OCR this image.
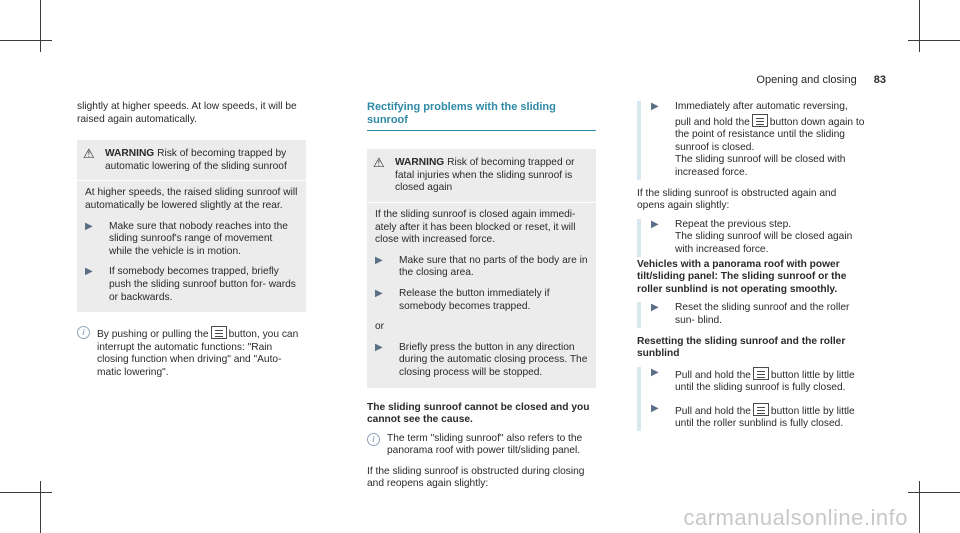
Opening and closing 83

slightly at higher speeds. At low speeds, it will be raised again automatically.

⚠	WARNING Risk of becoming trapped by automatic lowering of the sliding sunroof

At higher speeds, the raised sliding sunroof will automatically be lowered slightly at the rear.

▶	Make sure that nobody reaches into the sliding sunroof's range of movement while the vehicle is in motion.
▶	If somebody becomes trapped, briefly push the sliding sunroof button for- wards or backwards.
i	By pushing or pulling the button, you can interrupt the automatic functions: "Rain closing function when driving" and "Auto- matic lowering".
Rectifying problems with the sliding sunroof
⚠	WARNING Risk of becoming trapped or fatal injuries when the sliding sunroof is closed again

If the sliding sunroof is closed again immedi- ately after it has been blocked or reset, it will close with increased force.

▶	Make sure that no parts of the body are in the closing area.
▶	Release the button immediately if somebody becomes trapped.

or

▶	Briefly press the button in any direction during the automatic closing process. The closing process will be stopped.
The sliding sunroof cannot be closed and you cannot see the cause.
i	The term "sliding sunroof" also refers to the panorama roof with power tilt/sliding panel.

If the sliding sunroof is obstructed during closing and reopens again slightly:

▶	Immediately after automatic reversing, pull and hold the button down again to the point of resistance until the sliding sunroof is closed.
The sliding sunroof will be closed with increased force.

If the sliding sunroof is obstructed again and opens again slightly:

▶	Repeat the previous step.
The sliding sunroof will be closed again with increased force.
Vehicles with a panorama roof with power tilt/sliding panel: The sliding sunroof or the roller sunblind is not operating smoothly.
▶	Reset the sliding sunroof and the roller sun- blind.
Resetting the sliding sunroof and the roller sunblind
▶	Pull and hold the button little by little until the sliding sunroof is fully closed.
▶	Pull and hold the button little by little until the roller sunblind is fully closed.
carmanualsonline.info
